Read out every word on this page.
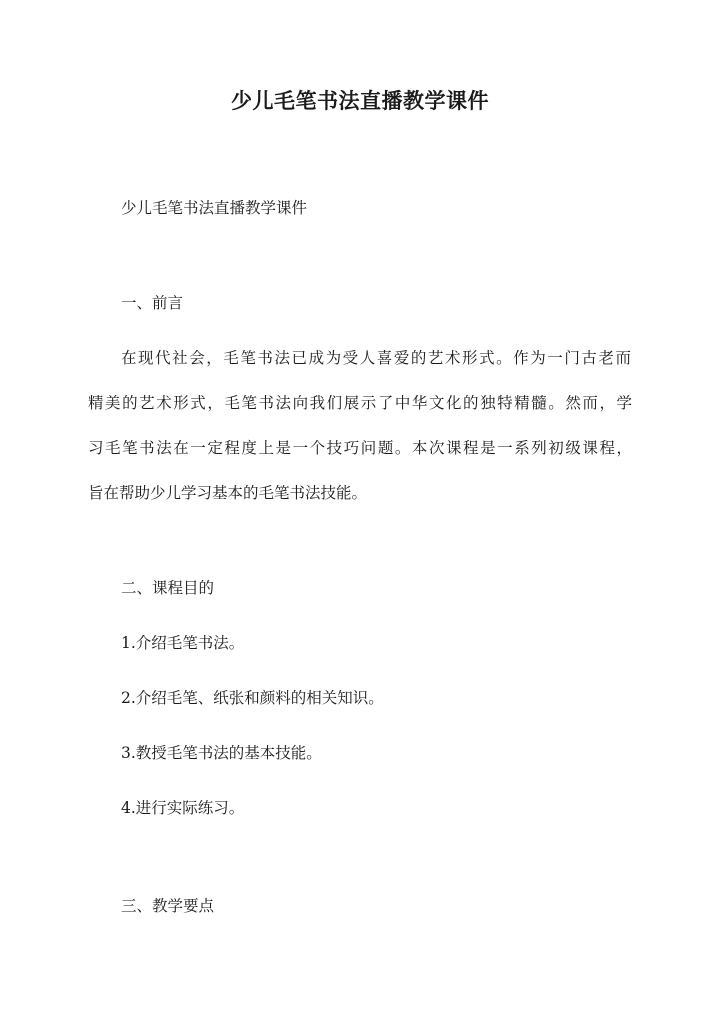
少儿毛笔书法直播教学课件

少儿毛笔书法直播教学课件

一、前言

在现代社会，毛笔书法已成为受人喜爱的艺术形式。作为一门古老而

精美的艺术形式，毛笔书法向我们展示了中华文化的独特精髓。然而，学

习毛笔书法在一定程度上是一个技巧问题。本次课程是一系列初级课程，

旨在帮助少儿学习基本的毛笔书法技能。

二、课程目的

1.介绍毛笔书法。

2.介绍毛笔、纸张和颜料的相关知识。

3.教授毛笔书法的基本技能。

4.进行实际练习。

三、教学要点
